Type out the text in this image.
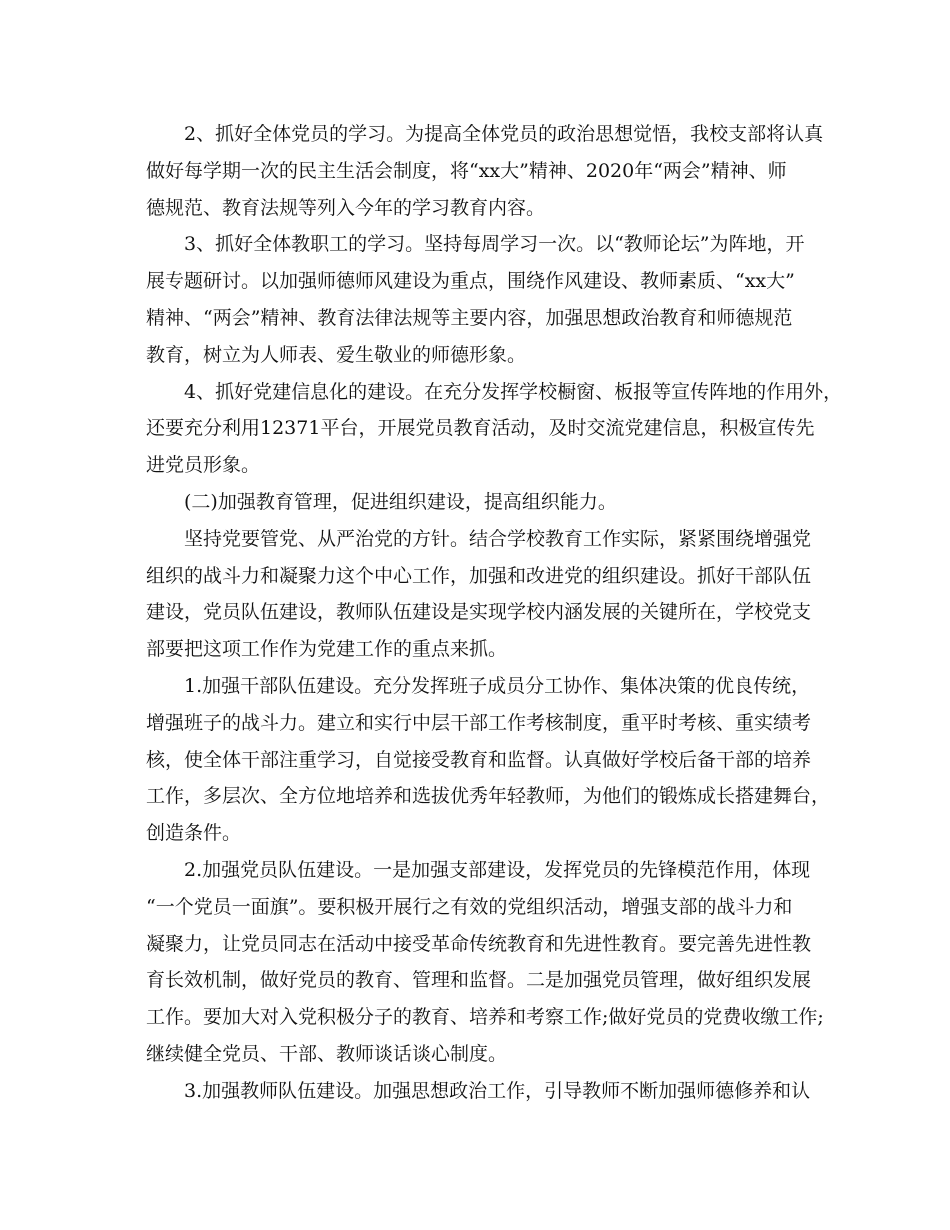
2、抓好全体党员的学习。为提高全体党员的政治思想觉悟，我校支部将认真
做好每学期一次的民主生活会制度，将“xx大”精神、2020年“两会”精神、师
德规范、教育法规等列入今年的学习教育内容。
3、抓好全体教职工的学习。坚持每周学习一次。以“教师论坛”为阵地，开
展专题研讨。以加强师德师风建设为重点，围绕作风建设、教师素质、“xx大”
精神、“两会”精神、教育法律法规等主要内容，加强思想政治教育和师德规范
教育，树立为人师表、爱生敬业的师德形象。
4、抓好党建信息化的建设。在充分发挥学校橱窗、板报等宣传阵地的作用外，
还要充分利用12371平台，开展党员教育活动，及时交流党建信息，积极宣传先
进党员形象。
(二)加强教育管理，促进组织建设，提高组织能力。
坚持党要管党、从严治党的方针。结合学校教育工作实际，紧紧围绕增强党
组织的战斗力和凝聚力这个中心工作，加强和改进党的组织建设。抓好干部队伍
建设，党员队伍建设，教师队伍建设是实现学校内涵发展的关键所在，学校党支
部要把这项工作作为党建工作的重点来抓。
1.加强干部队伍建设。充分发挥班子成员分工协作、集体决策的优良传统，
增强班子的战斗力。建立和实行中层干部工作考核制度，重平时考核、重实绩考
核，使全体干部注重学习，自觉接受教育和监督。认真做好学校后备干部的培养
工作，多层次、全方位地培养和选拔优秀年轻教师，为他们的锻炼成长搭建舞台，
创造条件。
2.加强党员队伍建设。一是加强支部建设，发挥党员的先锋模范作用，体现
“一个党员一面旗”。要积极开展行之有效的党组织活动，增强支部的战斗力和
凝聚力，让党员同志在活动中接受革命传统教育和先进性教育。要完善先进性教
育长效机制，做好党员的教育、管理和监督。二是加强党员管理，做好组织发展
工作。要加大对入党积极分子的教育、培养和考察工作;做好党员的党费收缴工作;
继续健全党员、干部、教师谈话谈心制度。
3.加强教师队伍建设。加强思想政治工作，引导教师不断加强师德修养和认
